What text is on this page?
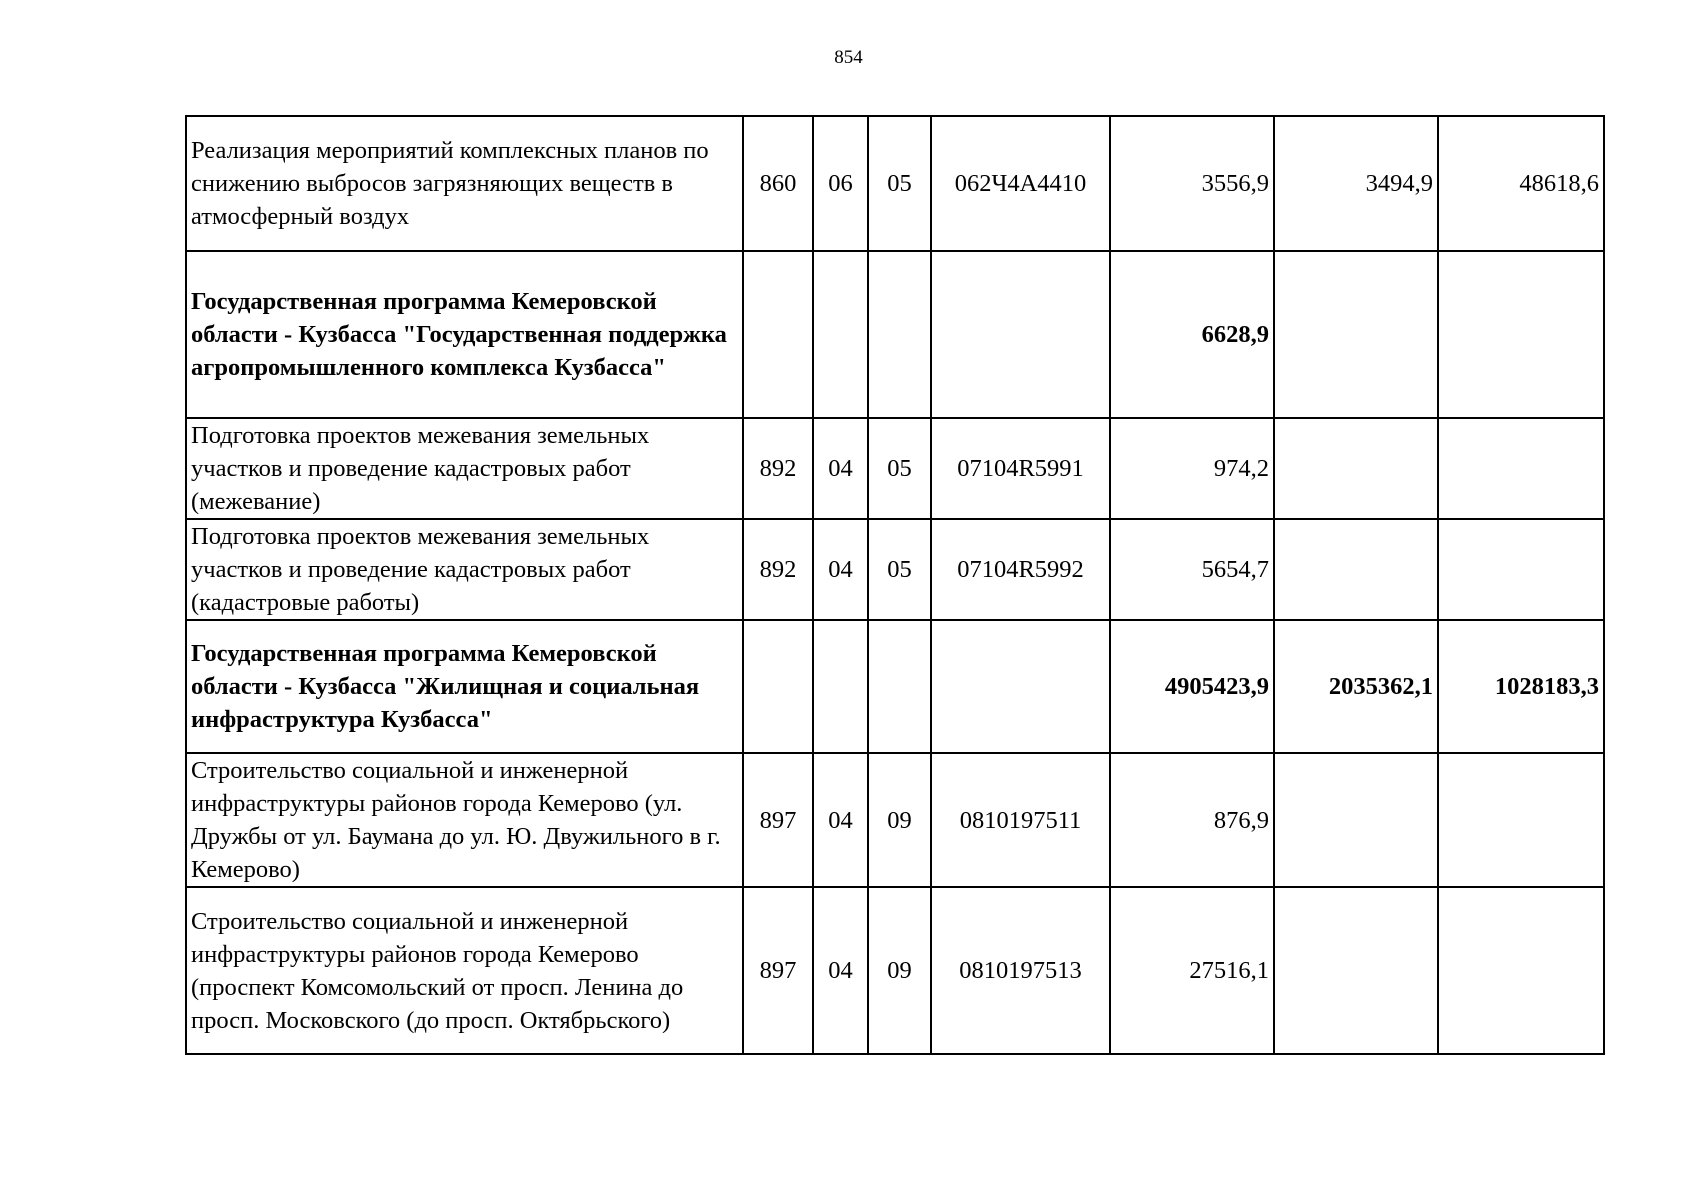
854
Реализация мероприятий комплексных планов по снижению выбросов загрязняющих веществ в атмосферный воздух	860	06	05	062Ч4А4410	3556,9	3494,9	48618,6
Государственная программа Кемеровской области - Кузбасса "Государственная поддержка агропромышленного комплекса Кузбасса"					6628,9		
Подготовка проектов межевания земельных участков и проведение кадастровых работ (межевание)	892	04	05	07104R5991	974,2		
Подготовка проектов межевания земельных участков и проведение кадастровых работ (кадастровые работы)	892	04	05	07104R5992	5654,7		
Государственная программа Кемеровской области - Кузбасса "Жилищная и социальная инфраструктура Кузбасса"					4905423,9	2035362,1	1028183,3
Строительство социальной и инженерной инфраструктуры районов города Кемерово (ул. Дружбы от ул. Баумана до ул. Ю. Двужильного в г. Кемерово)	897	04	09	0810197511	876,9		
Строительство социальной и инженерной инфраструктуры районов города Кемерово (проспект Комсомольский от просп. Ленина до просп. Московского (до просп. Октябрьского)	897	04	09	0810197513	27516,1		
